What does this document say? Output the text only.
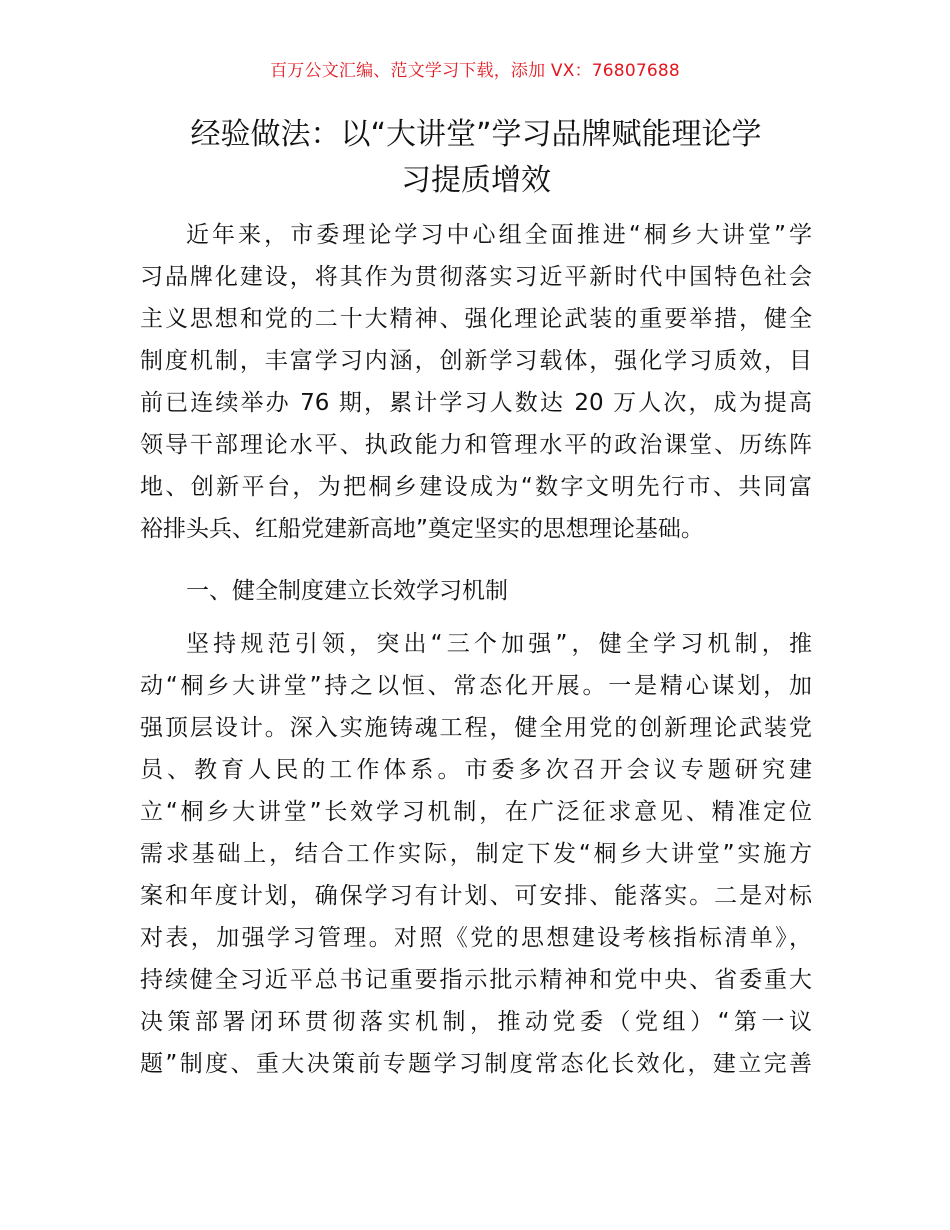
百万公文汇编、范文学习下载，添加 VX：76807688
经验做法：以“大讲堂”学习品牌赋能理论学
习提质增效
近年来，市委理论学习中心组全面推进“桐乡大讲堂”学
习品牌化建设，将其作为贯彻落实习近平新时代中国特色社会
主义思想和党的二十大精神、强化理论武装的重要举措，健全
制度机制，丰富学习内涵，创新学习载体，强化学习质效，目
前已连续举办 76 期，累计学习人数达 20 万人次，成为提高
领导干部理论水平、执政能力和管理水平的政治课堂、历练阵
地、创新平台，为把桐乡建设成为“数字文明先行市、共同富
裕排头兵、红船党建新高地”奠定坚实的思想理论基础。
一、健全制度建立长效学习机制
坚持规范引领，突出“三个加强”，健全学习机制，推
动“桐乡大讲堂”持之以恒、常态化开展。一是精心谋划，加
强顶层设计。深入实施铸魂工程，健全用党的创新理论武装党
员、教育人民的工作体系。市委多次召开会议专题研究建
立“桐乡大讲堂”长效学习机制，在广泛征求意见、精准定位
需求基础上，结合工作实际，制定下发“桐乡大讲堂”实施方
案和年度计划，确保学习有计划、可安排、能落实。二是对标
对表，加强学习管理。对照《党的思想建设考核指标清单》，
持续健全习近平总书记重要指示批示精神和党中央、省委重大
决策部署闭环贯彻落实机制，推动党委（党组）“第一议
题”制度、重大决策前专题学习制度常态化长效化，建立完善
